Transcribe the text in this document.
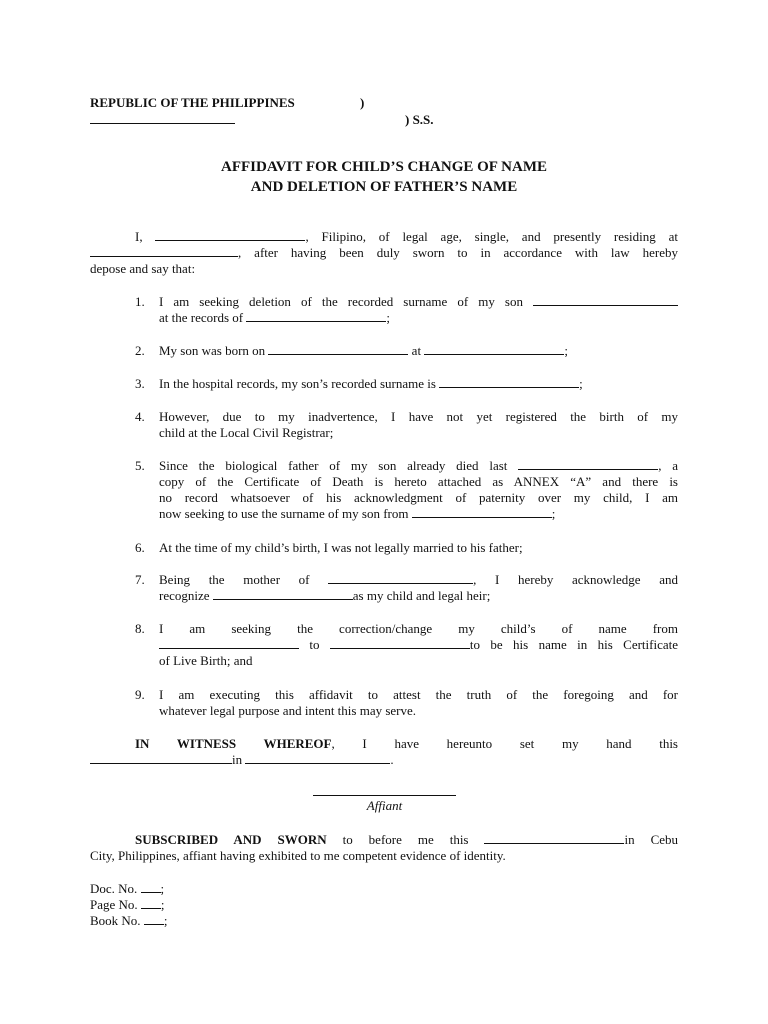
REPUBLIC OF THE PHILIPPINES	)
) S.S.
AFFIDAVIT FOR CHILD’S CHANGE OF NAME
AND DELETION OF FATHER’S NAME
I,	, Filipino, of legal age, single, and presently residing at
, after having been duly sworn to in accordance with law hereby
depose and say that:
1. I am seeking deletion of the recorded surname of my son
at the records of	;
2. My son was born on	at	;
3. In the hospital records, my son’s recorded surname is	;
4. However, due to my inadvertence, I have not yet registered the birth of my
child at the Local Civil Registrar;
5. Since the biological father of my son already died last	, a
copy of the Certificate of Death is hereto attached as ANNEX “A” and there is
no record whatsoever of his acknowledgment of paternity over my child, I am
now seeking to use the surname of my son from	;
6. At the time of my child’s birth, I was not legally married to his father;
7. Being the mother of	, I hereby acknowledge and
recognize	as my child and legal heir;
8. I am seeking the correction/change my child’s of name from
to	to be his name in his Certificate
of Live Birth; and
9. I am executing this affidavit to attest the truth of the foregoing and for
whatever legal purpose and intent this may serve.
IN WITNESS WHEREOF, I have hereunto set my hand this
in	.
Affiant
SUBSCRIBED AND SWORN to before me this	in Cebu
City, Philippines, affiant having exhibited to me competent evidence of identity.
Doc. No. ;
Page No. ;
Book No. ;
